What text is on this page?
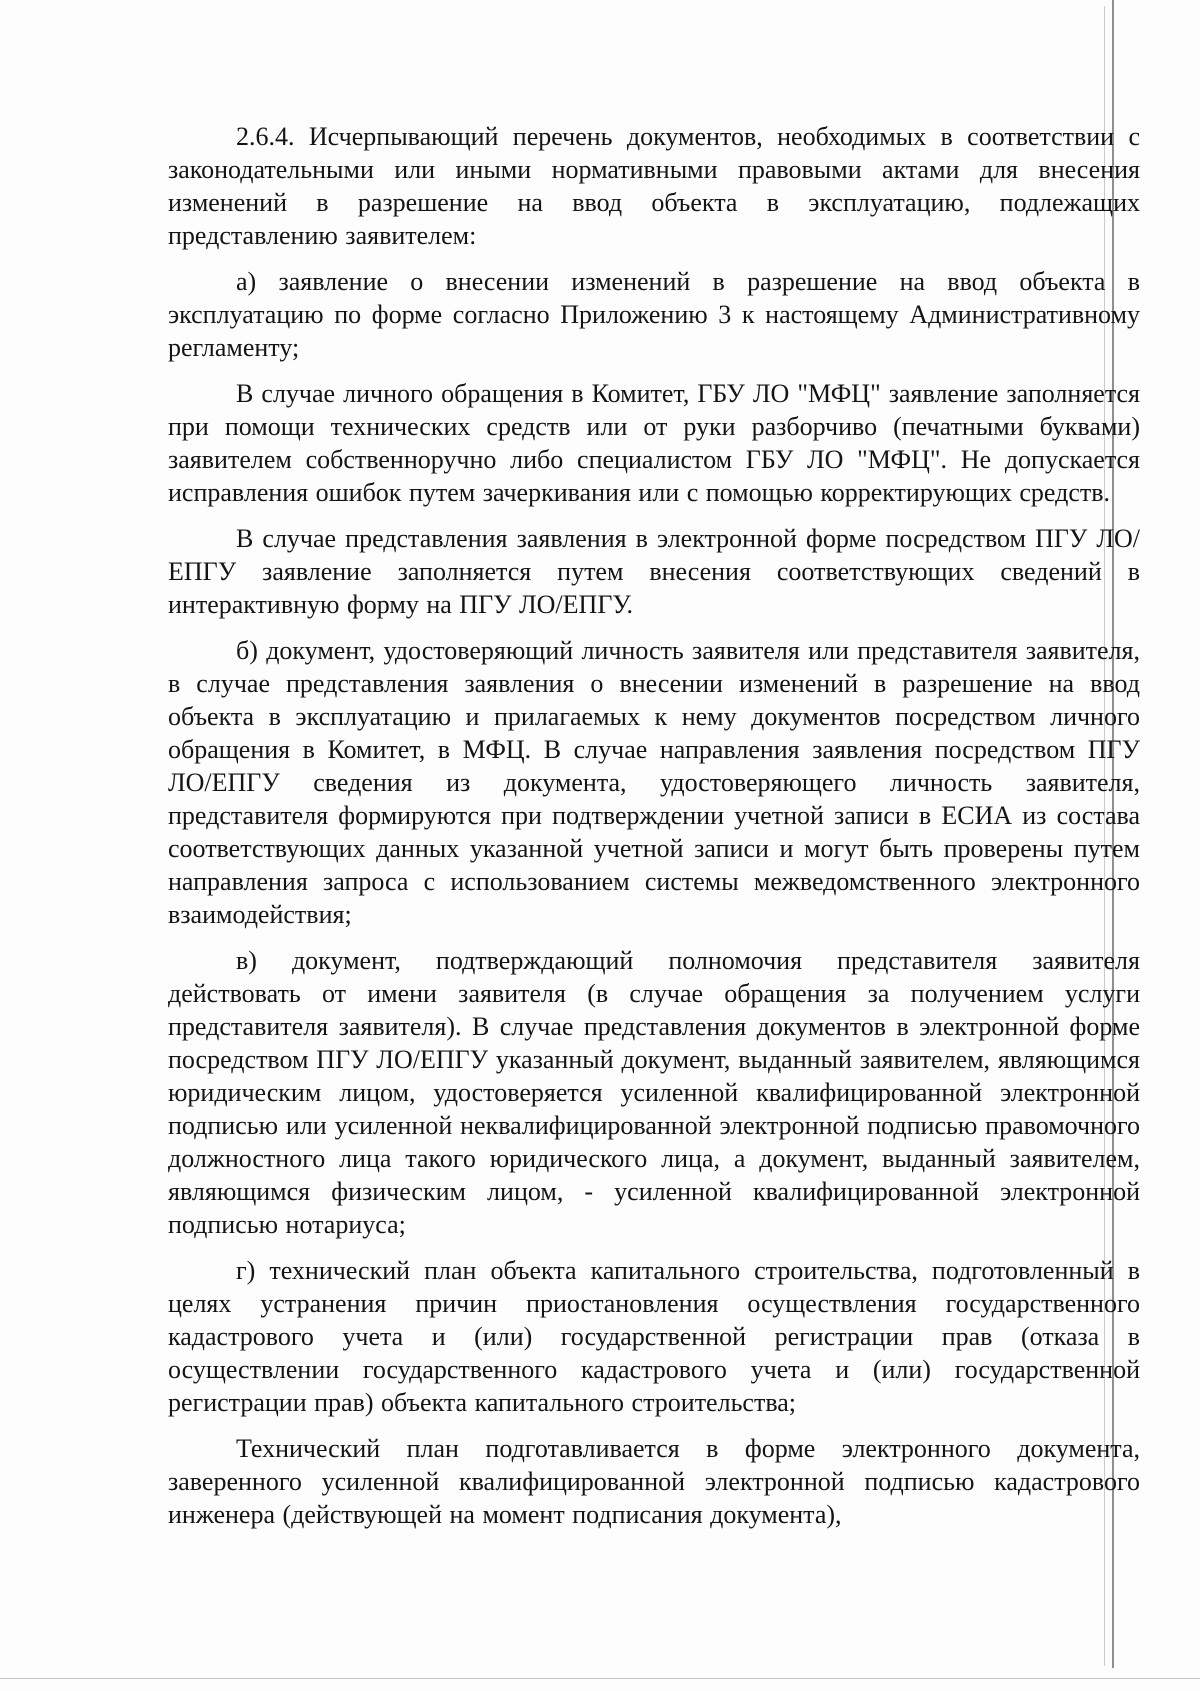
2.6.4. Исчерпывающий перечень документов, необходимых в соответствии с законодательными или иными нормативными правовыми актами для внесения изменений в разрешение на ввод объекта в эксплуатацию, подлежащих представлению заявителем:

а) заявление о внесении изменений в разрешение на ввод объекта в эксплуатацию по форме согласно Приложению 3 к настоящему Административному регламенту;

В случае личного обращения в Комитет, ГБУ ЛО "МФЦ" заявление заполняется при помощи технических средств или от руки разборчиво (печатными буквами) заявителем собственноручно либо специалистом ГБУ ЛО "МФЦ". Не допускается исправления ошибок путем зачеркивания или с помощью корректирующих средств.

В случае представления заявления в электронной форме посредством ПГУ ЛО/ЕПГУ заявление заполняется путем внесения соответствующих сведений в интерактивную форму на ПГУ ЛО/ЕПГУ.

б) документ, удостоверяющий личность заявителя или представителя заявителя, в случае представления заявления о внесении изменений в разрешение на ввод объекта в эксплуатацию и прилагаемых к нему документов посредством личного обращения в Комитет, в МФЦ. В случае направления заявления посредством ПГУ ЛО/ЕПГУ сведения из документа, удостоверяющего личность заявителя, представителя формируются при подтверждении учетной записи в ЕСИА из состава соответствующих данных указанной учетной записи и могут быть проверены путем направления запроса с использованием системы межведомственного электронного взаимодействия;

в) документ, подтверждающий полномочия представителя заявителя действовать от имени заявителя (в случае обращения за получением услуги представителя заявителя). В случае представления документов в электронной форме посредством ПГУ ЛО/ЕПГУ указанный документ, выданный заявителем, являющимся юридическим лицом, удостоверяется усиленной квалифицированной электронной подписью или усиленной неквалифицированной электронной подписью правомочного должностного лица такого юридического лица, а документ, выданный заявителем, являющимся физическим лицом, - усиленной квалифицированной электронной подписью нотариуса;

г) технический план объекта капитального строительства, подготовленный в целях устранения причин приостановления осуществления государственного кадастрового учета и (или) государственной регистрации прав (отказа в осуществлении государственного кадастрового учета и (или) государственной регистрации прав) объекта капитального строительства;

Технический план подготавливается в форме электронного документа, заверенного усиленной квалифицированной электронной подписью кадастрового инженера (действующей на момент подписания документа),
